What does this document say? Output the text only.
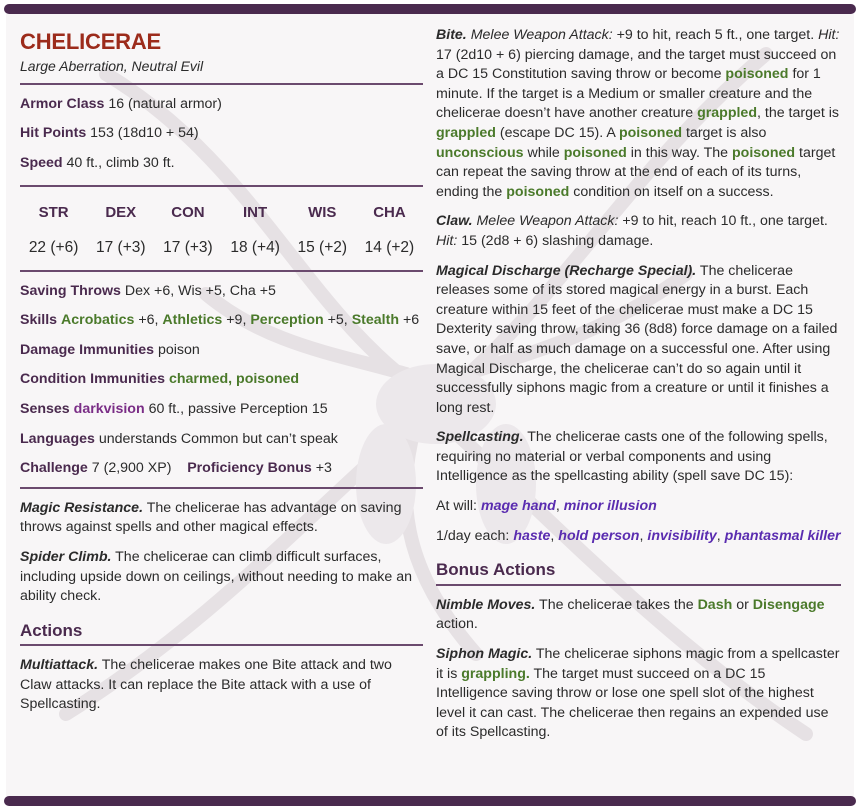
CHELICERAE
Large Aberration, Neutral Evil
Armor Class 16 (natural armor)
Hit Points 153 (18d10 + 54)
Speed 40 ft., climb 30 ft.
STR
22 (+6)
DEX
17 (+3)
CON
17 (+3)
INT
18 (+4)
WIS
15 (+2)
CHA
14 (+2)
Saving Throws Dex +6, Wis +5, Cha +5
Skills Acrobatics +6, Athletics +9, Perception +5, Stealth +6
Damage Immunities poison
Condition Immunities charmed, poisoned
Senses darkvision 60 ft., passive Perception 15
Languages understands Common but can’t speak
Challenge 7 (2,900 XP) Proficiency Bonus +3
Magic Resistance. The chelicerae has advantage on saving throws against spells and other magical effects.
Spider Climb. The chelicerae can climb difficult surfaces, including upside down on ceilings, without needing to make an ability check.
Actions
Multiattack. The chelicerae makes one Bite attack and two Claw attacks. It can replace the Bite attack with a use of Spellcasting.
Bite. Melee Weapon Attack: +9 to hit, reach 5 ft., one target. Hit: 17 (2d10 + 6) piercing damage, and the target must succeed on a DC 15 Constitution saving throw or become poisoned for 1 minute. If the target is a Medium or smaller creature and the chelicerae doesn’t have another creature grappled, the target is grappled (escape DC 15). A poisoned target is also unconscious while poisoned in this way. The poisoned target can repeat the saving throw at the end of each of its turns, ending the poisoned condition on itself on a success.
Claw. Melee Weapon Attack: +9 to hit, reach 10 ft., one target. Hit: 15 (2d8 + 6) slashing damage.
Magical Discharge (Recharge Special). The chelicerae releases some of its stored magical energy in a burst. Each creature within 15 feet of the chelicerae must make a DC 15 Dexterity saving throw, taking 36 (8d8) force damage on a failed save, or half as much damage on a successful one. After using Magical Discharge, the chelicerae can’t do so again until it successfully siphons magic from a creature or until it finishes a long rest.
Spellcasting. The chelicerae casts one of the following spells, requiring no material or verbal components and using Intelligence as the spellcasting ability (spell save DC 15):
At will: mage hand, minor illusion
1/day each: haste, hold person, invisibility, phantasmal killer
Bonus Actions
Nimble Moves. The chelicerae takes the Dash or Disengage action.
Siphon Magic. The chelicerae siphons magic from a spellcaster it is grappling. The target must succeed on a DC 15 Intelligence saving throw or lose one spell slot of the highest level it can cast. The chelicerae then regains an expended use of its Spellcasting.
